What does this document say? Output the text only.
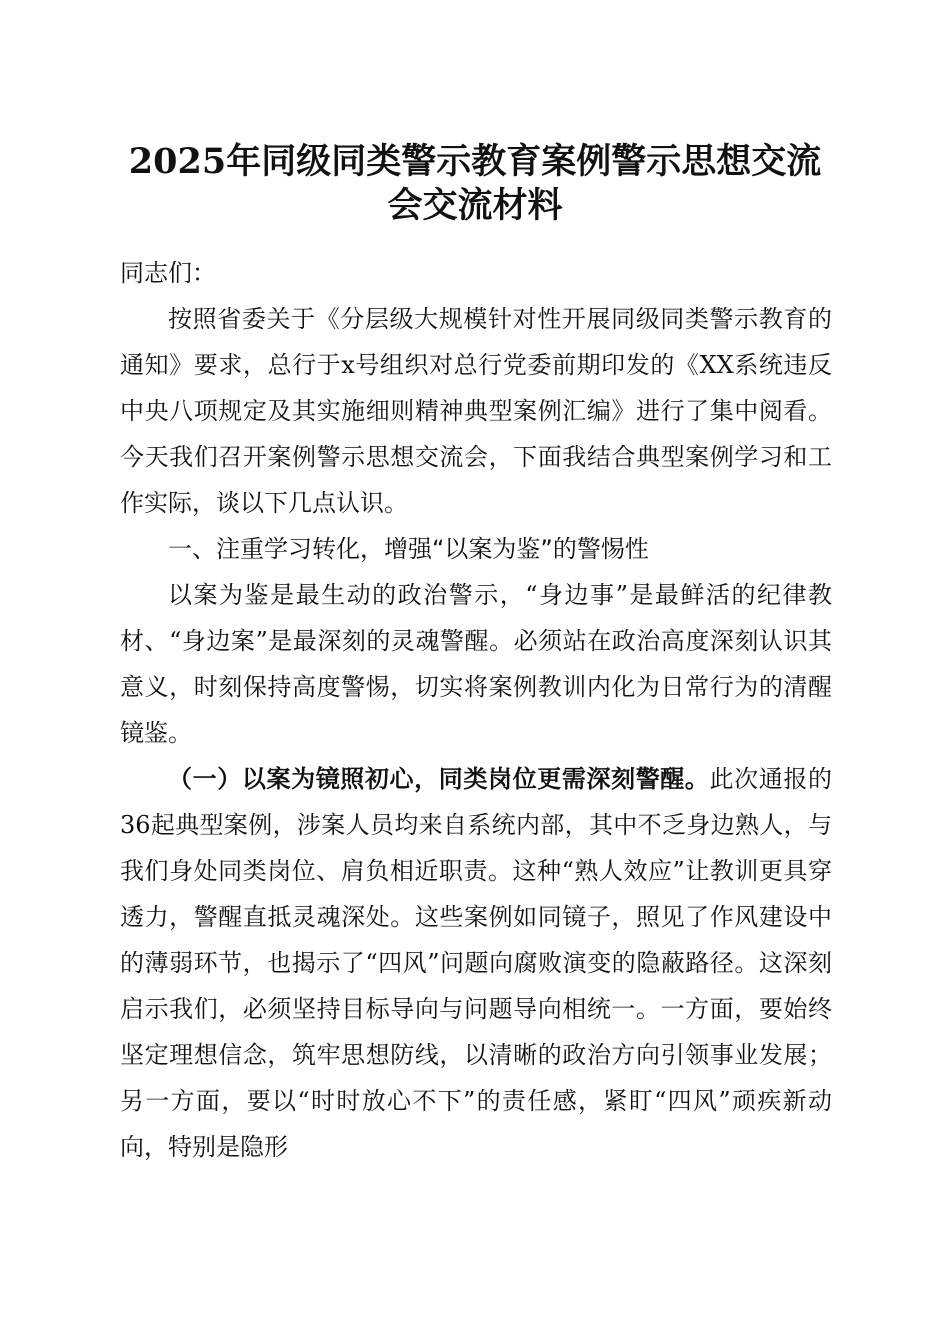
2025年同级同类警示教育案例警示思想交流
会交流材料

同志们：

按照省委关于《分层级大规模针对性开展同级同类警示教育的通知》要求，总行于x号组织对总行党委前期印发的《XX系统违反中央八项规定及其实施细则精神典型案例汇编》进行了集中阅看。今天我们召开案例警示思想交流会，下面我结合典型案例学习和工作实际，谈以下几点认识。

一、注重学习转化，增强“以案为鉴”的警惕性

以案为鉴是最生动的政治警示，“身边事”是最鲜活的纪律教材、“身边案”是最深刻的灵魂警醒。必须站在政治高度深刻认识其意义，时刻保持高度警惕，切实将案例教训内化为日常行为的清醒镜鉴。

（一）以案为镜照初心，同类岗位更需深刻警醒。此次通报的36起典型案例，涉案人员均来自系统内部，其中不乏身边熟人，与我们身处同类岗位、肩负相近职责。这种“熟人效应”让教训更具穿透力，警醒直抵灵魂深处。这些案例如同镜子，照见了作风建设中的薄弱环节，也揭示了“四风”问题向腐败演变的隐蔽路径。这深刻启示我们，必须坚持目标导向与问题导向相统一。一方面，要始终坚定理想信念，筑牢思想防线，以清晰的政治方向引领事业发展；另一方面，要以“时时放心不下”的责任感，紧盯“四风”顽疾新动向，特别是隐形
